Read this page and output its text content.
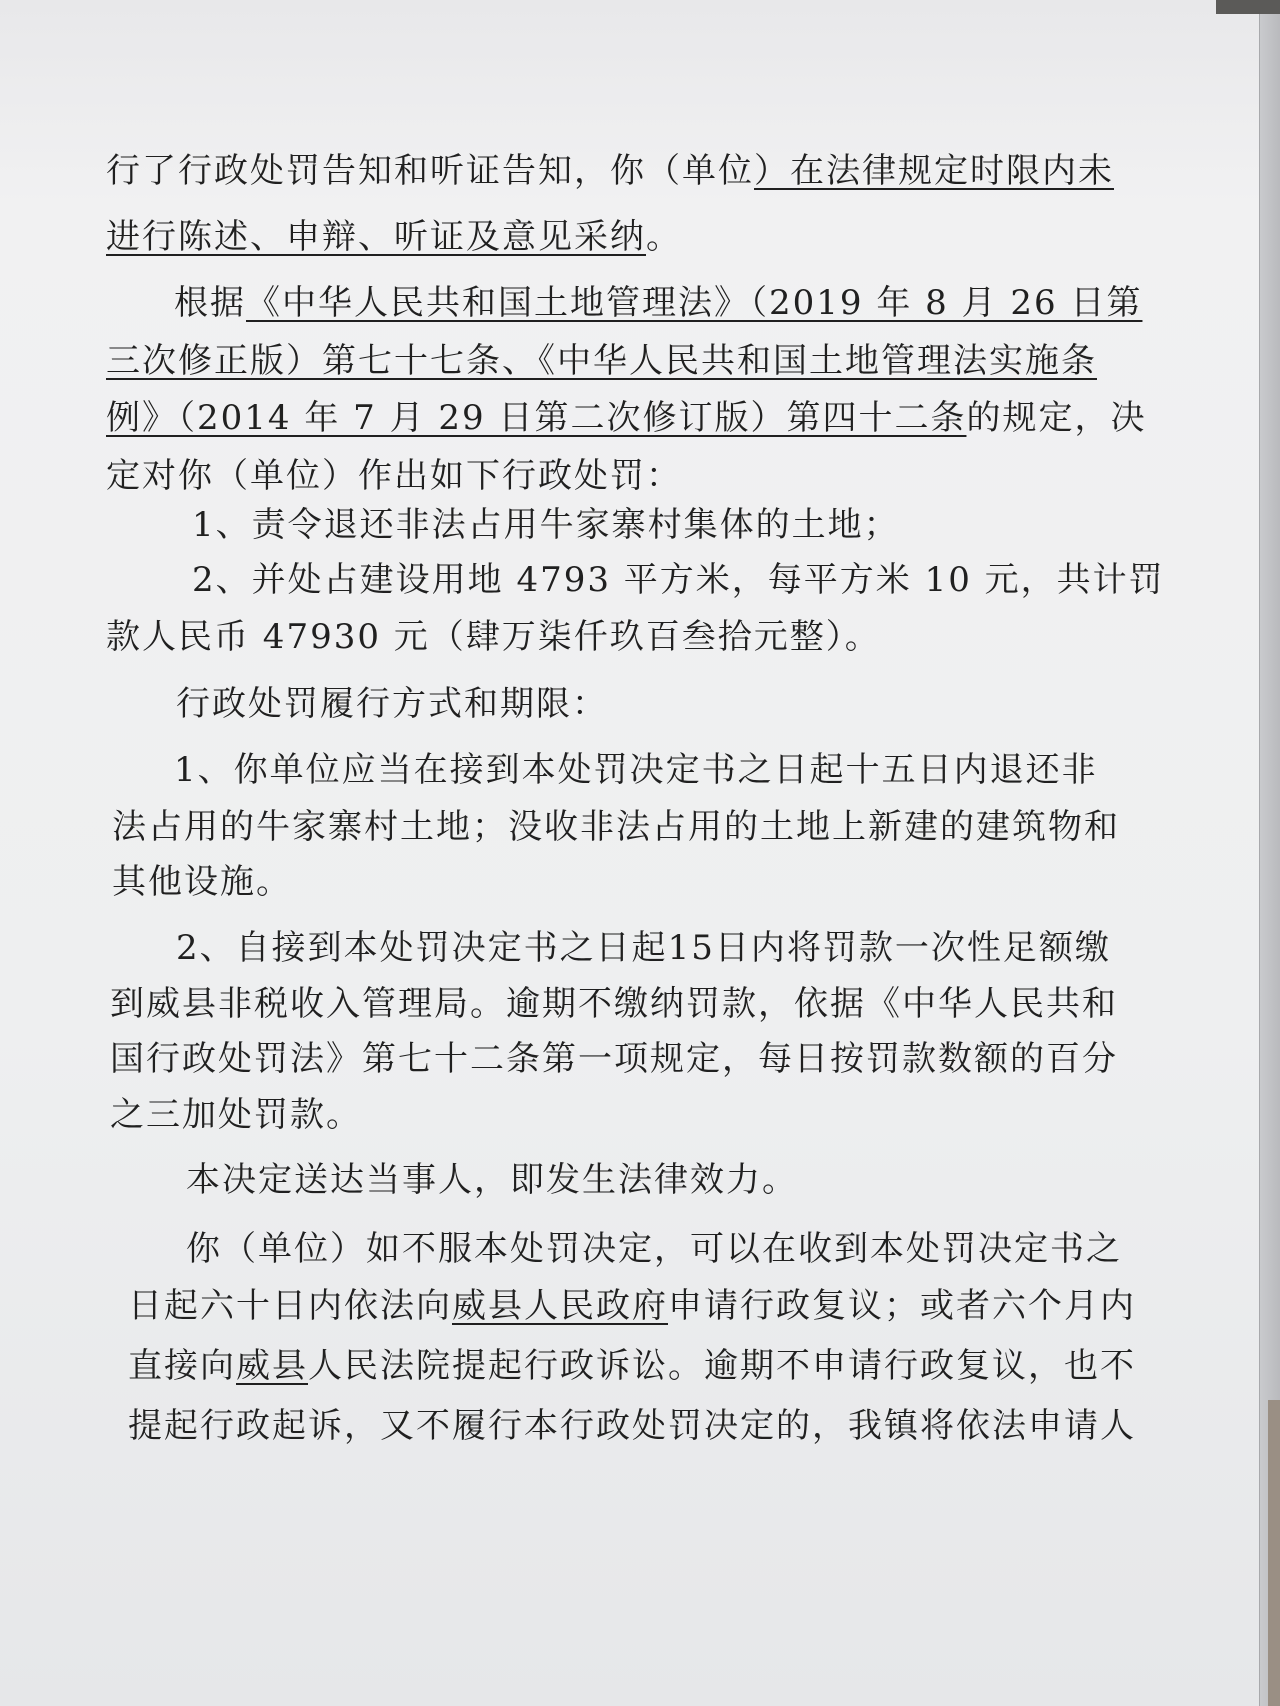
行了行政处罚告知和听证告知，你（单位）在法律规定时限内未
进行陈述、申辩、听证及意见采纳。
根据《中华人民共和国土地管理法》（2019 年 8 月 26 日第
三次修正版）第七十七条、《中华人民共和国土地管理法实施条
例》（2014 年 7 月 29 日第二次修订版）第四十二条的规定，决
定对你（单位）作出如下行政处罚：
1、责令退还非法占用牛家寨村集体的土地；
2、并处占建设用地 4793 平方米，每平方米 10 元，共计罚
款人民币 47930 元（肆万柒仟玖百叁拾元整）。
行政处罚履行方式和期限：
1、你单位应当在接到本处罚决定书之日起十五日内退还非
法占用的牛家寨村土地；没收非法占用的土地上新建的建筑物和
其他设施。
2、自接到本处罚决定书之日起15日内将罚款一次性足额缴
到威县非税收入管理局。逾期不缴纳罚款，依据《中华人民共和
国行政处罚法》第七十二条第一项规定，每日按罚款数额的百分
之三加处罚款。
本决定送达当事人，即发生法律效力。
你（单位）如不服本处罚决定，可以在收到本处罚决定书之
日起六十日内依法向威县人民政府申请行政复议；或者六个月内
直接向威县人民法院提起行政诉讼。逾期不申请行政复议，也不
提起行政起诉，又不履行本行政处罚决定的，我镇将依法申请人
